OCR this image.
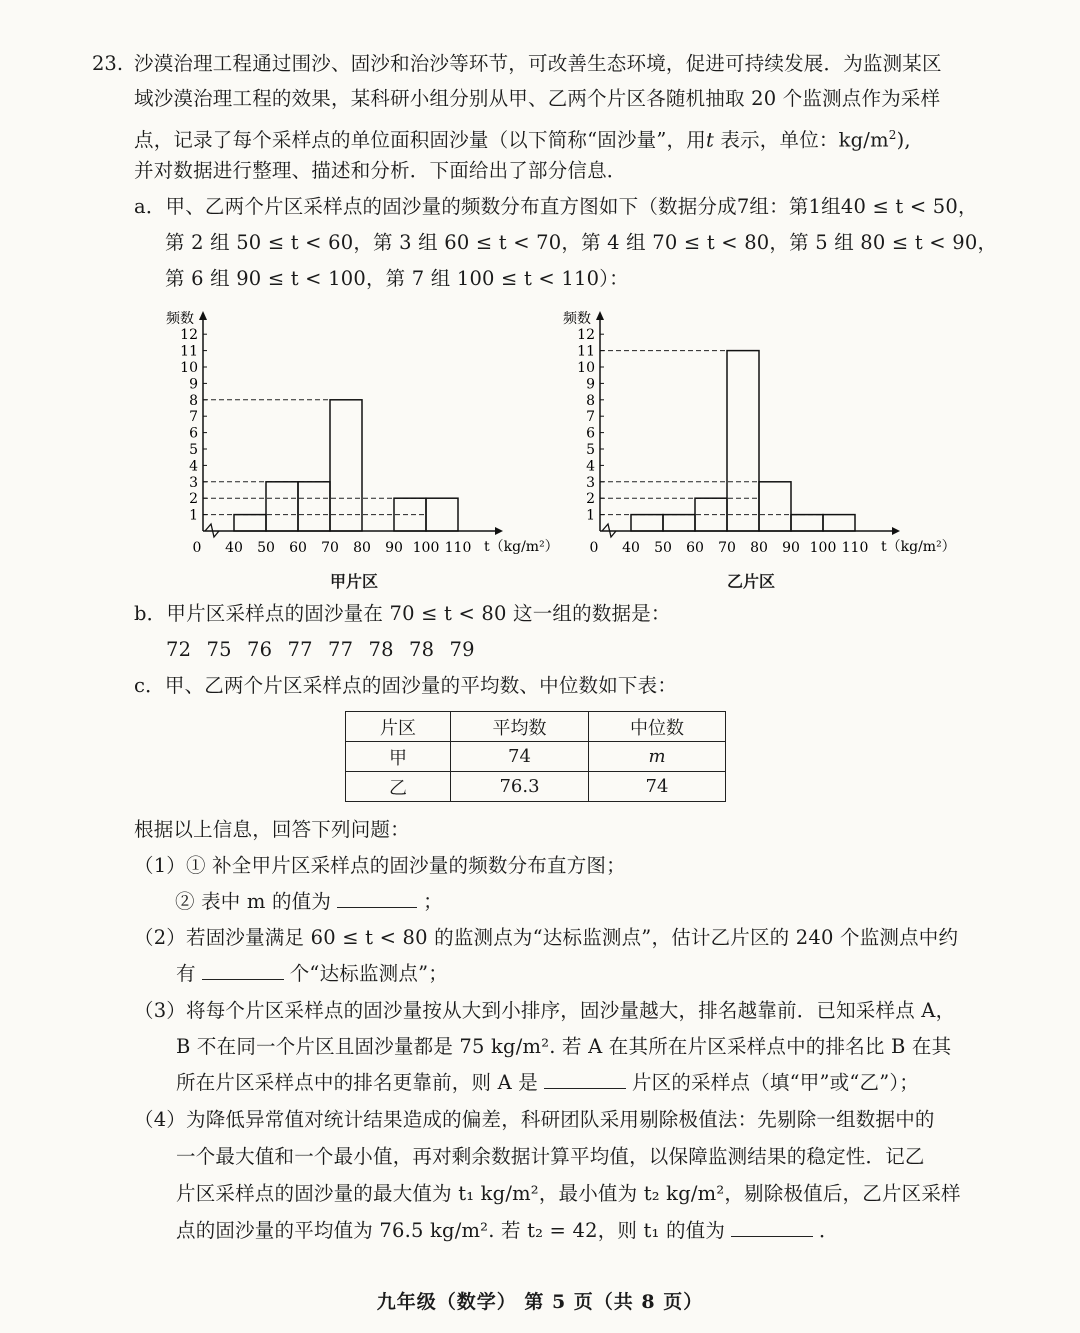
23. 沙漠治理工程通过围沙、固沙和治沙等环节，可改善生态环境，促进可持续发展．为监测某区
域沙漠治理工程的效果，某科研小组分别从甲、乙两个片区各随机抽取 20 个监测点作为采样
点，记录了每个采样点的单位面积固沙量（以下简称“固沙量”，用t 表示，单位：$kg/m^2$),
并对数据进行整理、描述和分析．下面给出了部分信息．
a．甲、乙两个片区采样点的固沙量的频数分布直方图如下（数据分成7组：第1组40 ≤ t < 50，
第 2 组 50 ≤ t < 60，第 3 组 60 ≤ t < 70，第 4 组 70 ≤ t < 80，第 5 组 80 ≤ t < 90，
第 6 组 90 ≤ t < 100，第 7 组 100 ≤ t < 110）：
1
2
3
4
5
6
7
8
9
10
11
12
频数
0 40 50 60 70 80 90 100 110 t（kg/m²）
1
2
3
4
5
6
7
8
9
10
11
12
频数
0 40 50 60 70 80 90 100 110 t（kg/m²）
甲片区	乙片区
b．甲片区采样点的固沙量在 70 ≤ t < 80 这一组的数据是：
72 75 76 77 77 78 78 79
c．甲、乙两个片区采样点的固沙量的平均数、中位数如下表：
片区	平均数	中位数
甲	74	m
乙	76.3	74
根据以上信息，回答下列问题：
（1）① 补全甲片区采样点的固沙量的频数分布直方图；
② 表中 m 的值为	；
（2）若固沙量满足 60 ≤ t < 80 的监测点为“达标监测点”，估计乙片区的 240 个监测点中约
有	个“达标监测点”；
（3）将每个片区采样点的固沙量按从大到小排序，固沙量越大，排名越靠前．已知采样点 A，
B 不在同一个片区且固沙量都是 75 kg/m². 若 A 在其所在片区采样点中的排名比 B 在其
所在片区采样点中的排名更靠前，则 A 是	片区的采样点（填“甲”或“乙”）；
（4）为降低异常值对统计结果造成的偏差，科研团队采用剔除极值法：先剔除一组数据中的
一个最大值和一个最小值，再对剩余数据计算平均值，以保障监测结果的稳定性．记乙
片区采样点的固沙量的最大值为 t₁ kg/m²，最小值为 t₂ kg/m²，剔除极值后，乙片区采样
点的固沙量的平均值为 76.5 kg/m². 若 t₂ = 42，则 t₁ 的值为	．
九年级（数学） 第 5 页（共 8 页）
